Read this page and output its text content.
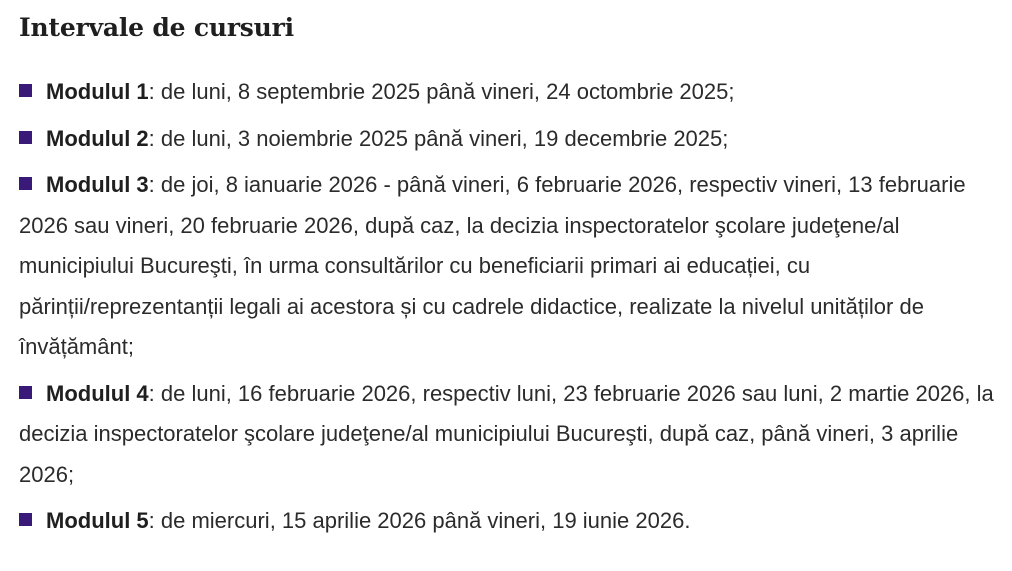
Intervale de cursuri
Modulul 1: de luni, 8 septembrie 2025 până vineri, 24 octombrie 2025;
Modulul 2: de luni, 3 noiembrie 2025 până vineri, 19 decembrie 2025;
Modulul 3: de joi, 8 ianuarie 2026 - până vineri, 6 februarie 2026, respectiv vineri, 13 februarie 2026 sau vineri, 20 februarie 2026, după caz, la decizia inspectoratelor şcolare judeţene/al municipiului Bucureşti, în urma consultărilor cu beneficiarii primari ai educației, cu părinții/reprezentanții legali ai acestora și cu cadrele didactice, realizate la nivelul unităților de învățământ;
Modulul 4: de luni, 16 februarie 2026, respectiv luni, 23 februarie 2026 sau luni, 2 martie 2026, la decizia inspectoratelor şcolare judeţene/al municipiului Bucureşti, după caz, până vineri, 3 aprilie 2026;
Modulul 5: de miercuri, 15 aprilie 2026 până vineri, 19 iunie 2026.
